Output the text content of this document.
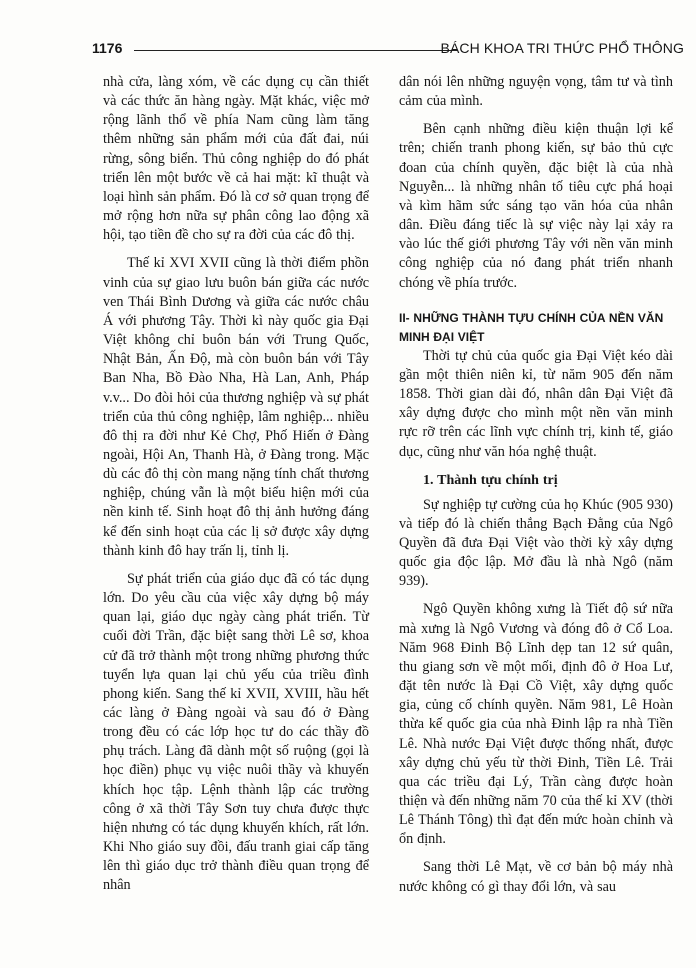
1176	BÁCH KHOA TRI THỨC PHỔ THÔNG

nhà cửa, làng xóm, về các dụng cụ cần thiết và các thức ăn hàng ngày. Mặt khác, việc mở rộng lãnh thổ về phía Nam cũng làm tăng thêm những sản phẩm mới của đất đai, núi rừng, sông biển. Thủ công nghiệp do đó phát triển lên một bước về cả hai mặt: kĩ thuật và loại hình sản phẩm. Đó là cơ sở quan trọng để mở rộng hơn nữa sự phân công lao động xã hội, tạo tiền đề cho sự ra đời của các đô thị.

Thế kỉ XVI XVII cũng là thời điểm phồn vinh của sự giao lưu buôn bán giữa các nước ven Thái Bình Dương và giữa các nước châu Á với phương Tây. Thời kì này quốc gia Đại Việt không chỉ buôn bán với Trung Quốc, Nhật Bản, Ấn Độ, mà còn buôn bán với Tây Ban Nha, Bồ Đào Nha, Hà Lan, Anh, Pháp v.v... Do đòi hỏi của thương nghiệp và sự phát triển của thủ công nghiệp, lâm nghiệp... nhiều đô thị ra đời như Kẻ Chợ, Phố Hiến ở Đàng ngoài, Hội An, Thanh Hà, ở Đàng trong. Mặc dù các đô thị còn mang nặng tính chất thương nghiệp, chúng vẫn là một biểu hiện mới của nền kinh tế. Sinh hoạt đô thị ảnh hưởng đáng kể đến sinh hoạt của các lị sở được xây dựng thành kinh đô hay trấn lị, tỉnh lị.

Sự phát triển của giáo dục đã có tác dụng lớn. Do yêu cầu của việc xây dựng bộ máy quan lại, giáo dục ngày càng phát triển. Từ cuối đời Trần, đặc biệt sang thời Lê sơ, khoa cử đã trở thành một trong những phương thức tuyển lựa quan lại chủ yếu của triều đình phong kiến. Sang thế kỉ XVII, XVIII, hầu hết các làng ở Đàng ngoài và sau đó ở Đàng trong đều có các lớp học tư do các thầy đồ phụ trách. Làng đã dành một số ruộng (gọi là học điền) phục vụ việc nuôi thầy và khuyến khích học tập. Lệnh thành lập các trường công ở xã thời Tây Sơn tuy chưa được thực hiện nhưng có tác dụng khuyến khích, rất lớn. Khi Nho giáo suy đồi, đấu tranh giai cấp tăng lên thì giáo dục trở thành điều quan trọng để nhân

dân nói lên những nguyện vọng, tâm tư và tình cảm của mình.

Bên cạnh những điều kiện thuận lợi kể trên; chiến tranh phong kiến, sự bảo thủ cực đoan của chính quyền, đặc biệt là của nhà Nguyễn... là những nhân tố tiêu cực phá hoại và kìm hãm sức sáng tạo văn hóa của nhân dân. Điều đáng tiếc là sự việc này lại xảy ra vào lúc thế giới phương Tây với nền văn minh công nghiệp của nó đang phát triển nhanh chóng về phía trước.

II- NHỮNG THÀNH TỰU CHÍNH CỦA NỀN VĂN MINH ĐẠI VIỆT

Thời tự chủ của quốc gia Đại Việt kéo dài gần một thiên niên kỉ, từ năm 905 đến năm 1858. Thời gian dài đó, nhân dân Đại Việt đã xây dựng được cho mình một nền văn minh rực rỡ trên các lĩnh vực chính trị, kinh tế, giáo dục, cũng như văn hóa nghệ thuật.

1. Thành tựu chính trị

Sự nghiệp tự cường của họ Khúc (905 930) và tiếp đó là chiến thắng Bạch Đằng của Ngô Quyền đã đưa Đại Việt vào thời kỳ xây dựng quốc gia độc lập. Mở đầu là nhà Ngô (năm 939).

Ngô Quyền không xưng là Tiết độ sứ nữa mà xưng là Ngô Vương và đóng đô ở Cổ Loa. Năm 968 Đinh Bộ Lĩnh dẹp tan 12 sứ quân, thu giang sơn về một mối, định đô ở Hoa Lư, đặt tên nước là Đại Cồ Việt, xây dựng quốc gia, củng cố chính quyền. Năm 981, Lê Hoàn thừa kế quốc gia của nhà Đinh lập ra nhà Tiền Lê. Nhà nước Đại Việt được thống nhất, được xây dựng chủ yếu từ thời Đinh, Tiền Lê. Trải qua các triều đại Lý, Trần càng được hoàn thiện và đến những năm 70 của thế kỉ XV (thời Lê Thánh Tông) thì đạt đến mức hoàn chỉnh và ổn định.

Sang thời Lê Mạt, về cơ bản bộ máy nhà nước không có gì thay đổi lớn, và sau
